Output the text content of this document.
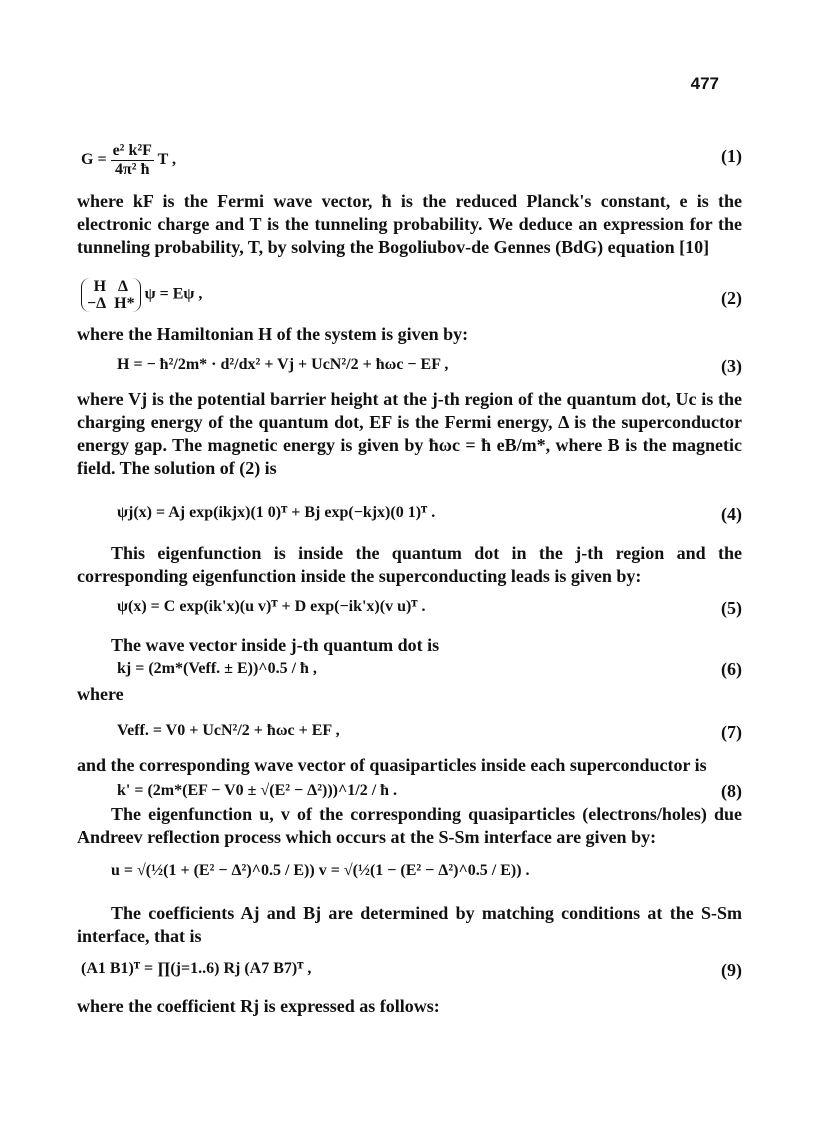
477
$G = \frac{\text{e² k²F}}{\text{4π² ħ}}$ T ,	(1)
where kF is the Fermi wave vector, ħ is the reduced Planck's constant, e is the electronic charge and T is the tunneling probability. We deduce an expression for the tunneling probability, T, by solving the Bogoliubov-de Gennes (BdG) equation [10]
H Δ
−Δ H* ψ = Eψ ,	(2)
where the Hamiltonian H of the system is given by:
H = − ħ²/2m* · d²/dx² + Vj + UcN²/2 + ħωc − EF ,	(3)
where Vj is the potential barrier height at the j-th region of the quantum dot, Uc is the charging energy of the quantum dot, EF is the Fermi energy, Δ is the superconductor energy gap. The magnetic energy is given by ħωc = ħ eB/m*, where B is the magnetic field. The solution of (2) is
ψj(x) = Aj exp(ikjx)(1 0)ᵀ + Bj exp(−kjx)(0 1)ᵀ .	(4)
This eigenfunction is inside the quantum dot in the j-th region and the corresponding eigenfunction inside the superconducting leads is given by:
ψ(x) = C exp(ik'x)(u v)ᵀ + D exp(−ik'x)(v u)ᵀ .	(5)
The wave vector inside j-th quantum dot is
kj = (2m*(Veff. ± E))^0.5 / ħ ,	(6)
where
Veff. = V0 + UcN²/2 + ħωc + EF ,	(7)
and the corresponding wave vector of quasiparticles inside each superconductor is
k' = (2m*(EF − V0 ± √(E² − Δ²)))^1/2 / ħ .	(8)
The eigenfunction u, v of the corresponding quasiparticles (electrons/holes) due Andreev reflection process which occurs at the S-Sm interface are given by:
u = √(½(1 + (E² − Δ²)^0.5 / E)) v = √(½(1 − (E² − Δ²)^0.5 / E)) .
The coefficients Aj and Bj are determined by matching conditions at the S-Sm interface, that is
(A1 B1)ᵀ = ∏(j=1..6) Rj (A7 B7)ᵀ ,	(9)
where the coefficient Rj is expressed as follows:
